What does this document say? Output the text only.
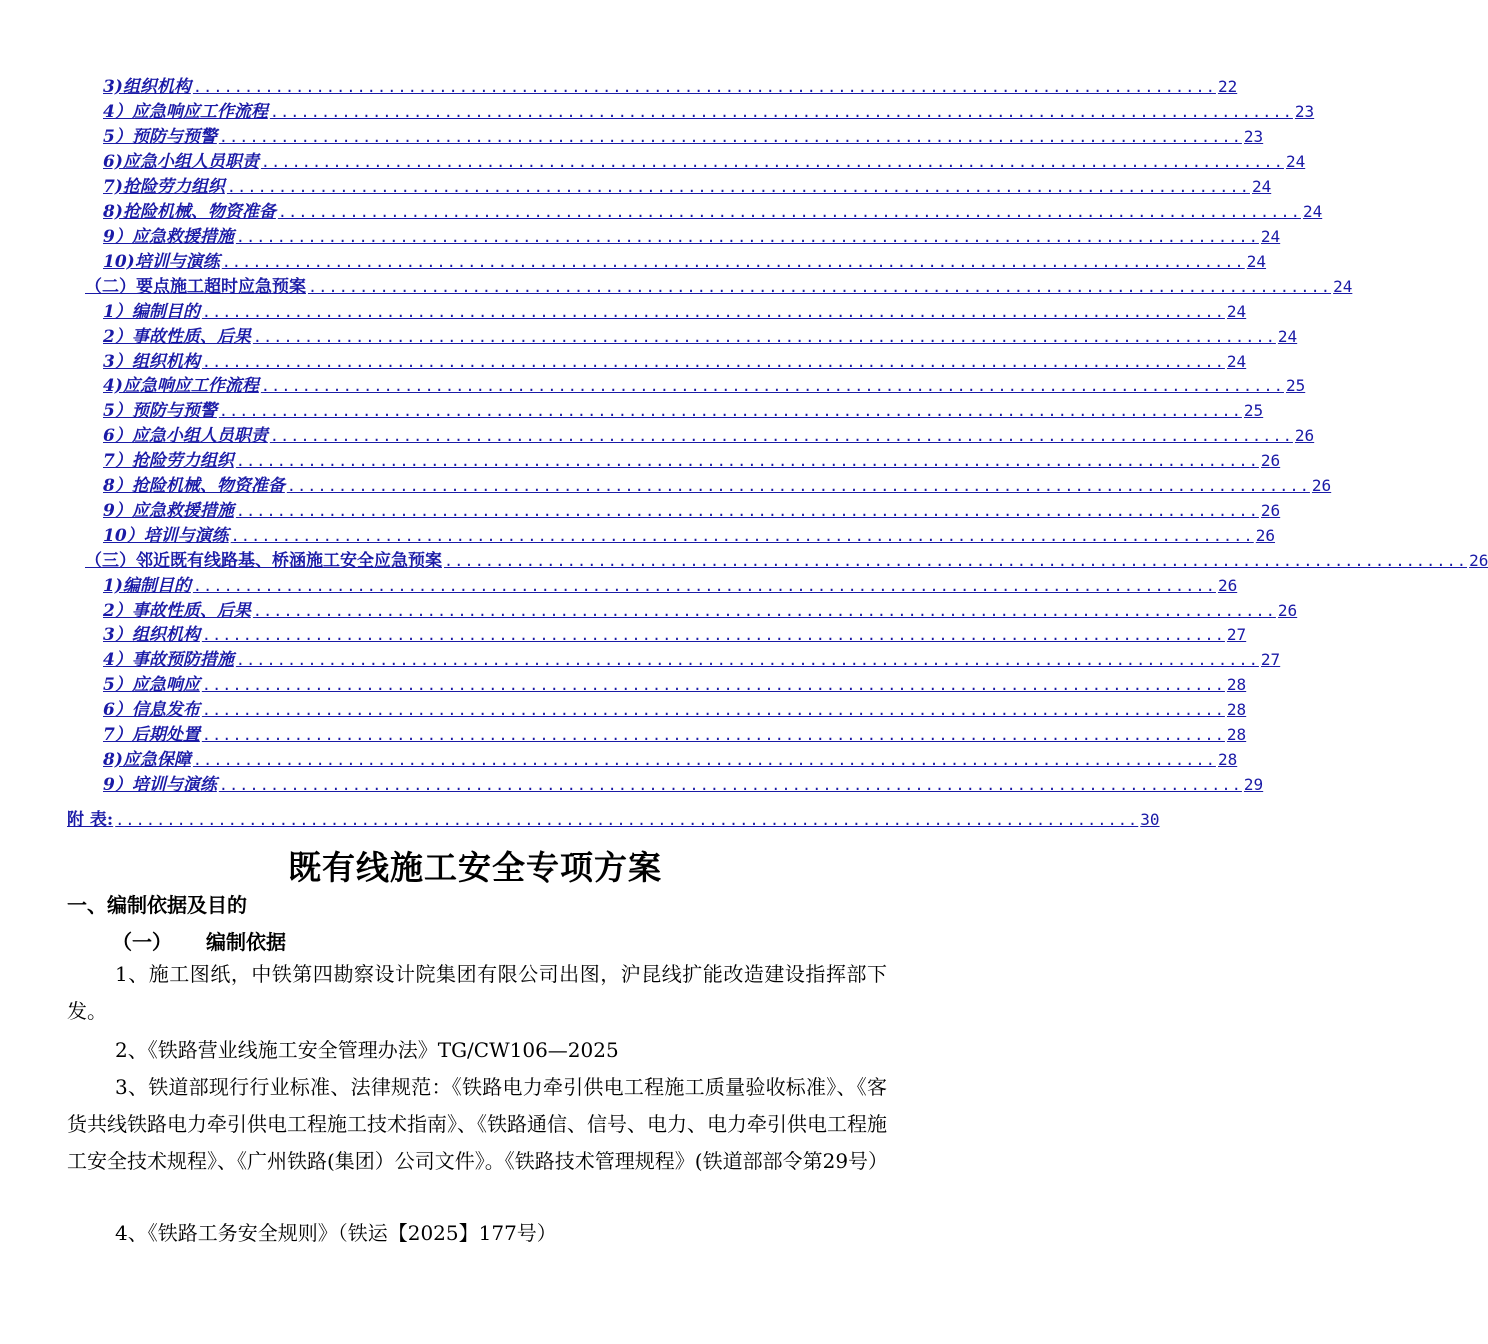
3)组织机构 .................................................................................................... 22
4）应急响应工作流程 .................................................................................................... 23
5）预防与预警 .................................................................................................... 23
6)应急小组人员职责 .................................................................................................... 24
7)抢险劳力组织 .................................................................................................... 24
8)抢险机械、物资准备 .................................................................................................... 24
9）应急救援措施 .................................................................................................... 24
10)培训与演练 .................................................................................................... 24
（二）要点施工超时应急预案 .................................................................................................... 24
1）编制目的 .................................................................................................... 24
2）事故性质、后果 .................................................................................................... 24
3）组织机构 .................................................................................................... 24
4)应急响应工作流程 .................................................................................................... 25
5）预防与预警 .................................................................................................... 25
6）应急小组人员职责 .................................................................................................... 26
7）抢险劳力组织 .................................................................................................... 26
8）抢险机械、物资准备 .................................................................................................... 26
9）应急救援措施 .................................................................................................... 26
10）培训与演练 .................................................................................................... 26
（三）邻近既有线路基、桥涵施工安全应急预案 .................................................................................................... 26
1)编制目的 .................................................................................................... 26
2）事故性质、后果 .................................................................................................... 26
3）组织机构 .................................................................................................... 27
4）事故预防措施 .................................................................................................... 27
5）应急响应 .................................................................................................... 28
6）信息发布 .................................................................................................... 28
7）后期处置 .................................................................................................... 28
8)应急保障 .................................................................................................... 28
9）培训与演练 .................................................................................................... 29
附 表: .................................................................................................... 30
既有线施工安全专项方案
一、编制依据及目的
（一） 编制依据

1、施工图纸，中铁第四勘察设计院集团有限公司出图，沪昆线扩能改造建设指挥部下发。

2、《铁路营业线施工安全管理办法》TG/CW106—2025

3、铁道部现行行业标准、法律规范：《铁路电力牵引供电工程施工质量验收标准》、《客货共线铁路电力牵引供电工程施工技术指南》、《铁路通信、信号、电力、电力牵引供电工程施工安全技术规程》、《广州铁路(集团）公司文件》。《铁路技术管理规程》(铁道部部令第29号）

4、《铁路工务安全规则》（铁运【2025】177号）
